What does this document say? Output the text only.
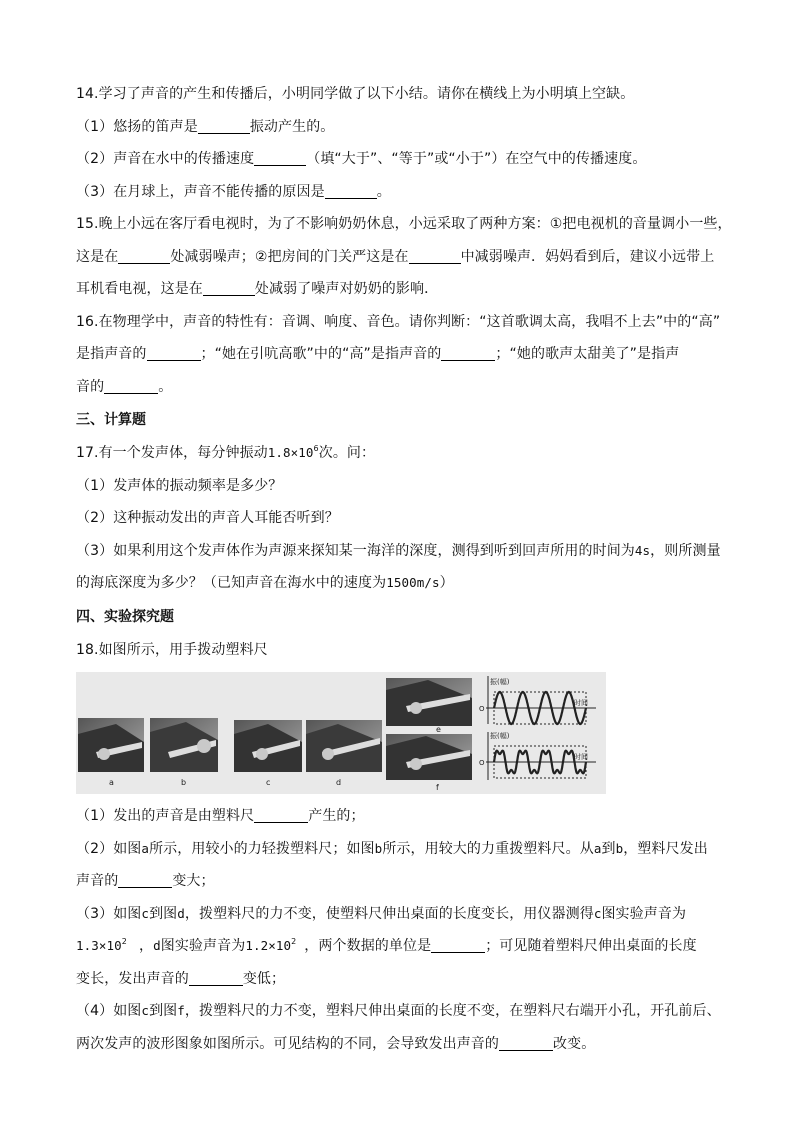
14.学习了声音的产生和传播后，小明同学做了以下小结。请你在横线上为小明填上空缺。
（1）悠扬的笛声是	振动产生的。
（2）声音在水中的传播速度	（填“大于”、“等于”或“小于”）在空气中的传播速度。
（3）在月球上，声音不能传播的原因是	。
15.晚上小远在客厅看电视时，为了不影响奶奶休息，小远采取了两种方案：①把电视机的音量调小一些，
这是在	处减弱噪声；②把房间的门关严这是在	中减弱噪声．妈妈看到后，建议小远带上
耳机看电视，这是在	处减弱了噪声对奶奶的影响．
16.在物理学中，声音的特性有：音调、响度、音色。请你判断：“这首歌调太高，我唱不上去”中的“高”
是指声音的	；“她在引吭高歌”中的“高”是指声音的	；“她的歌声太甜美了”是指声
音的	。
三、计算题
17.有一个发声体，每分钟振动$1.8\times 10^6$次。问：
（1）发声体的振动频率是多少？
（2）这种振动发出的声音人耳能否听到？
（3）如果利用这个发声体作为声源来探知某一海洋的深度，测得到听到回声所用的时间为4s，则所测量
的海底深度为多少？（已知声音在海水中的速度为1500m/s）
四、实验探究题
18.如图所示，用手拨动塑料尺
振(幅)
时间
O
振(幅)
时间
O
a	b	c	d
e
f
（1）发出的声音是由塑料尺	产生的；
（2）如图a所示，用较小的力轻拨塑料尺；如图b所示，用较大的力重拨塑料尺。从a到b，塑料尺发出
声音的	变大；
（3）如图c到图d，拨塑料尺的力不变，使塑料尺伸出桌面的长度变长，用仪器测得c图实验声音为
$1.3\times 10^2$ ，d图实验声音为$1.2\times 10^2$ ，两个数据的单位是	；可见随着塑料尺伸出桌面的长度
变长，发出声音的	变低；
（4）如图c到图f，拨塑料尺的力不变，塑料尺伸出桌面的长度不变，在塑料尺右端开小孔，开孔前后、
两次发声的波形图象如图所示。可见结构的不同，会导致发出声音的	改变。
